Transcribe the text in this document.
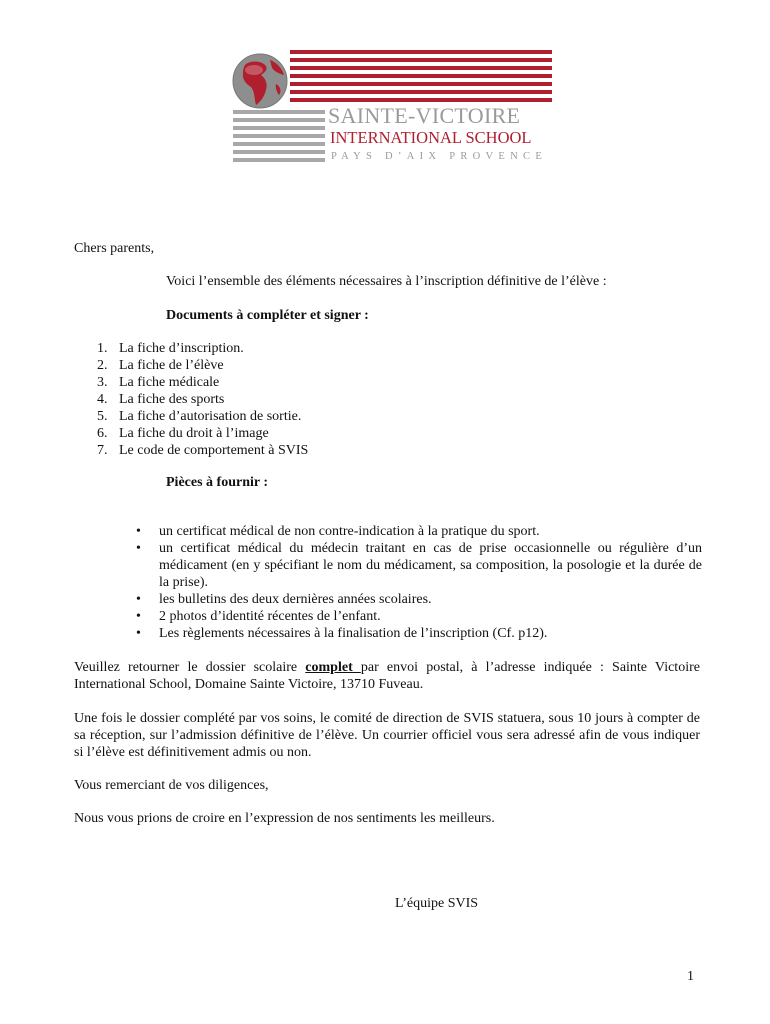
SAINTE-VICTOIRE
INTERNATIONAL SCHOOL
PAYS D’AIX PROVENCE
Chers parents,
Voici l’ensemble des éléments nécessaires à l’inscription définitive de l’élève :
Documents à compléter et signer :
1. La fiche d’inscription.
2. La fiche de l’élève
3. La fiche médicale
4. La fiche des sports
5. La fiche d’autorisation de sortie.
6. La fiche du droit à l’image
7. Le code de comportement à SVIS
Pièces à fournir :
• un certificat médical de non contre-indication à la pratique du sport.
• un certificat médical du médecin traitant en cas de prise occasionnelle ou régulière d’un médicament (en y spécifiant le nom du médicament, sa composition, la posologie et la durée de la prise).
• les bulletins des deux dernières années scolaires.
• 2 photos d’identité récentes de l’enfant.
• Les règlements nécessaires à la finalisation de l’inscription (Cf. p12).
Veuillez retourner le dossier scolaire complet par envoi postal, à l’adresse indiquée : Sainte Victoire International School, Domaine Sainte Victoire, 13710 Fuveau.
Une fois le dossier complété par vos soins, le comité de direction de SVIS statuera, sous 10 jours à compter de sa réception, sur l’admission définitive de l’élève. Un courrier officiel vous sera adressé afin de vous indiquer si l’élève est définitivement admis ou non.
Vous remerciant de vos diligences,
Nous vous prions de croire en l’expression de nos sentiments les meilleurs.
L’équipe SVIS
1
